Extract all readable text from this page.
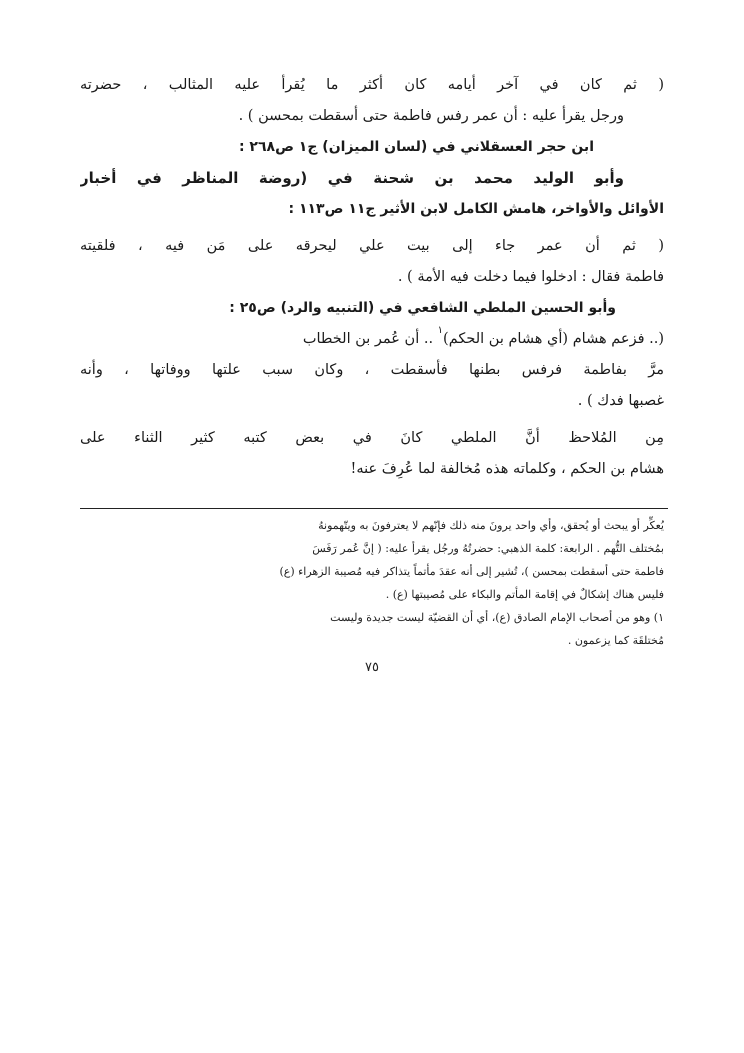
( ثم كان في آخر أيامه كان أكثر ما يُقرأ عليه المثالب ، حضرته
ورجل يقرأ عليه : أن عمر رفس فاطمة حتى أسقطت بمحسن ) .
ابن حجر العسقلاني في (لسان الميزان) ج١ ص٢٦٨ :
وأبو الوليد محمد بن شحنة في (روضة المناظر في أخبار
الأوائل والأواخر، هامش الكامل لابن الأثير ج١١ ص١١٣ :
( ثم أن عمر جاء إلى بيت علي ليحرقه على مَن فيه ، فلقيته
فاطمة فقال : ادخلوا فيما دخلت فيه الأمة ) .
وأبو الحسين الملطي الشافعي في (التنبيه والرد) ص٢٥ :
(.. فزعم هشام (أي هشام بن الحكم)$^١$ .. أن عُمر بن الخطاب
مرَّ بفاطمة فرفس بطنها فأسقطت ، وكان سبب علتها ووفاتها ، وأنه
غصبها فدك ) .
مِن المُلاحظ أنَّ الملطي كانَ في بعض كتبه كثير الثناء على
هشام بن الحكم ، وكلماته هذه مُخالفة لما عُرِفَ عنه!
يُعكِّر أو يبحث أو يُحقق، وأي واحد يرونَ منه ذلك فإنّهم لا يعترفونَ به ويتّهمونهُ
بمُختلف التُّهم . الرابعة: كلمة الذهبي: حضرتُهُ ورجُل يقرأ عليه: ( إنَّ عُمر رَفَسَ
فاطمة حتى أسقطت بمحسن )، تُشير إلى أنه عقدَ مأتماً يتذاكر فيه مُصيبة الزهراء (ع)
فليس هناك إشكالٌ في إقامة المأتم والبكاء على مُصيبتها (ع) .
١) وهو من أصحاب الإمام الصادق (ع)، أي أن القضيّة ليست جديدة وليست
مُختلقَة كما يزعمون .
٧٥
